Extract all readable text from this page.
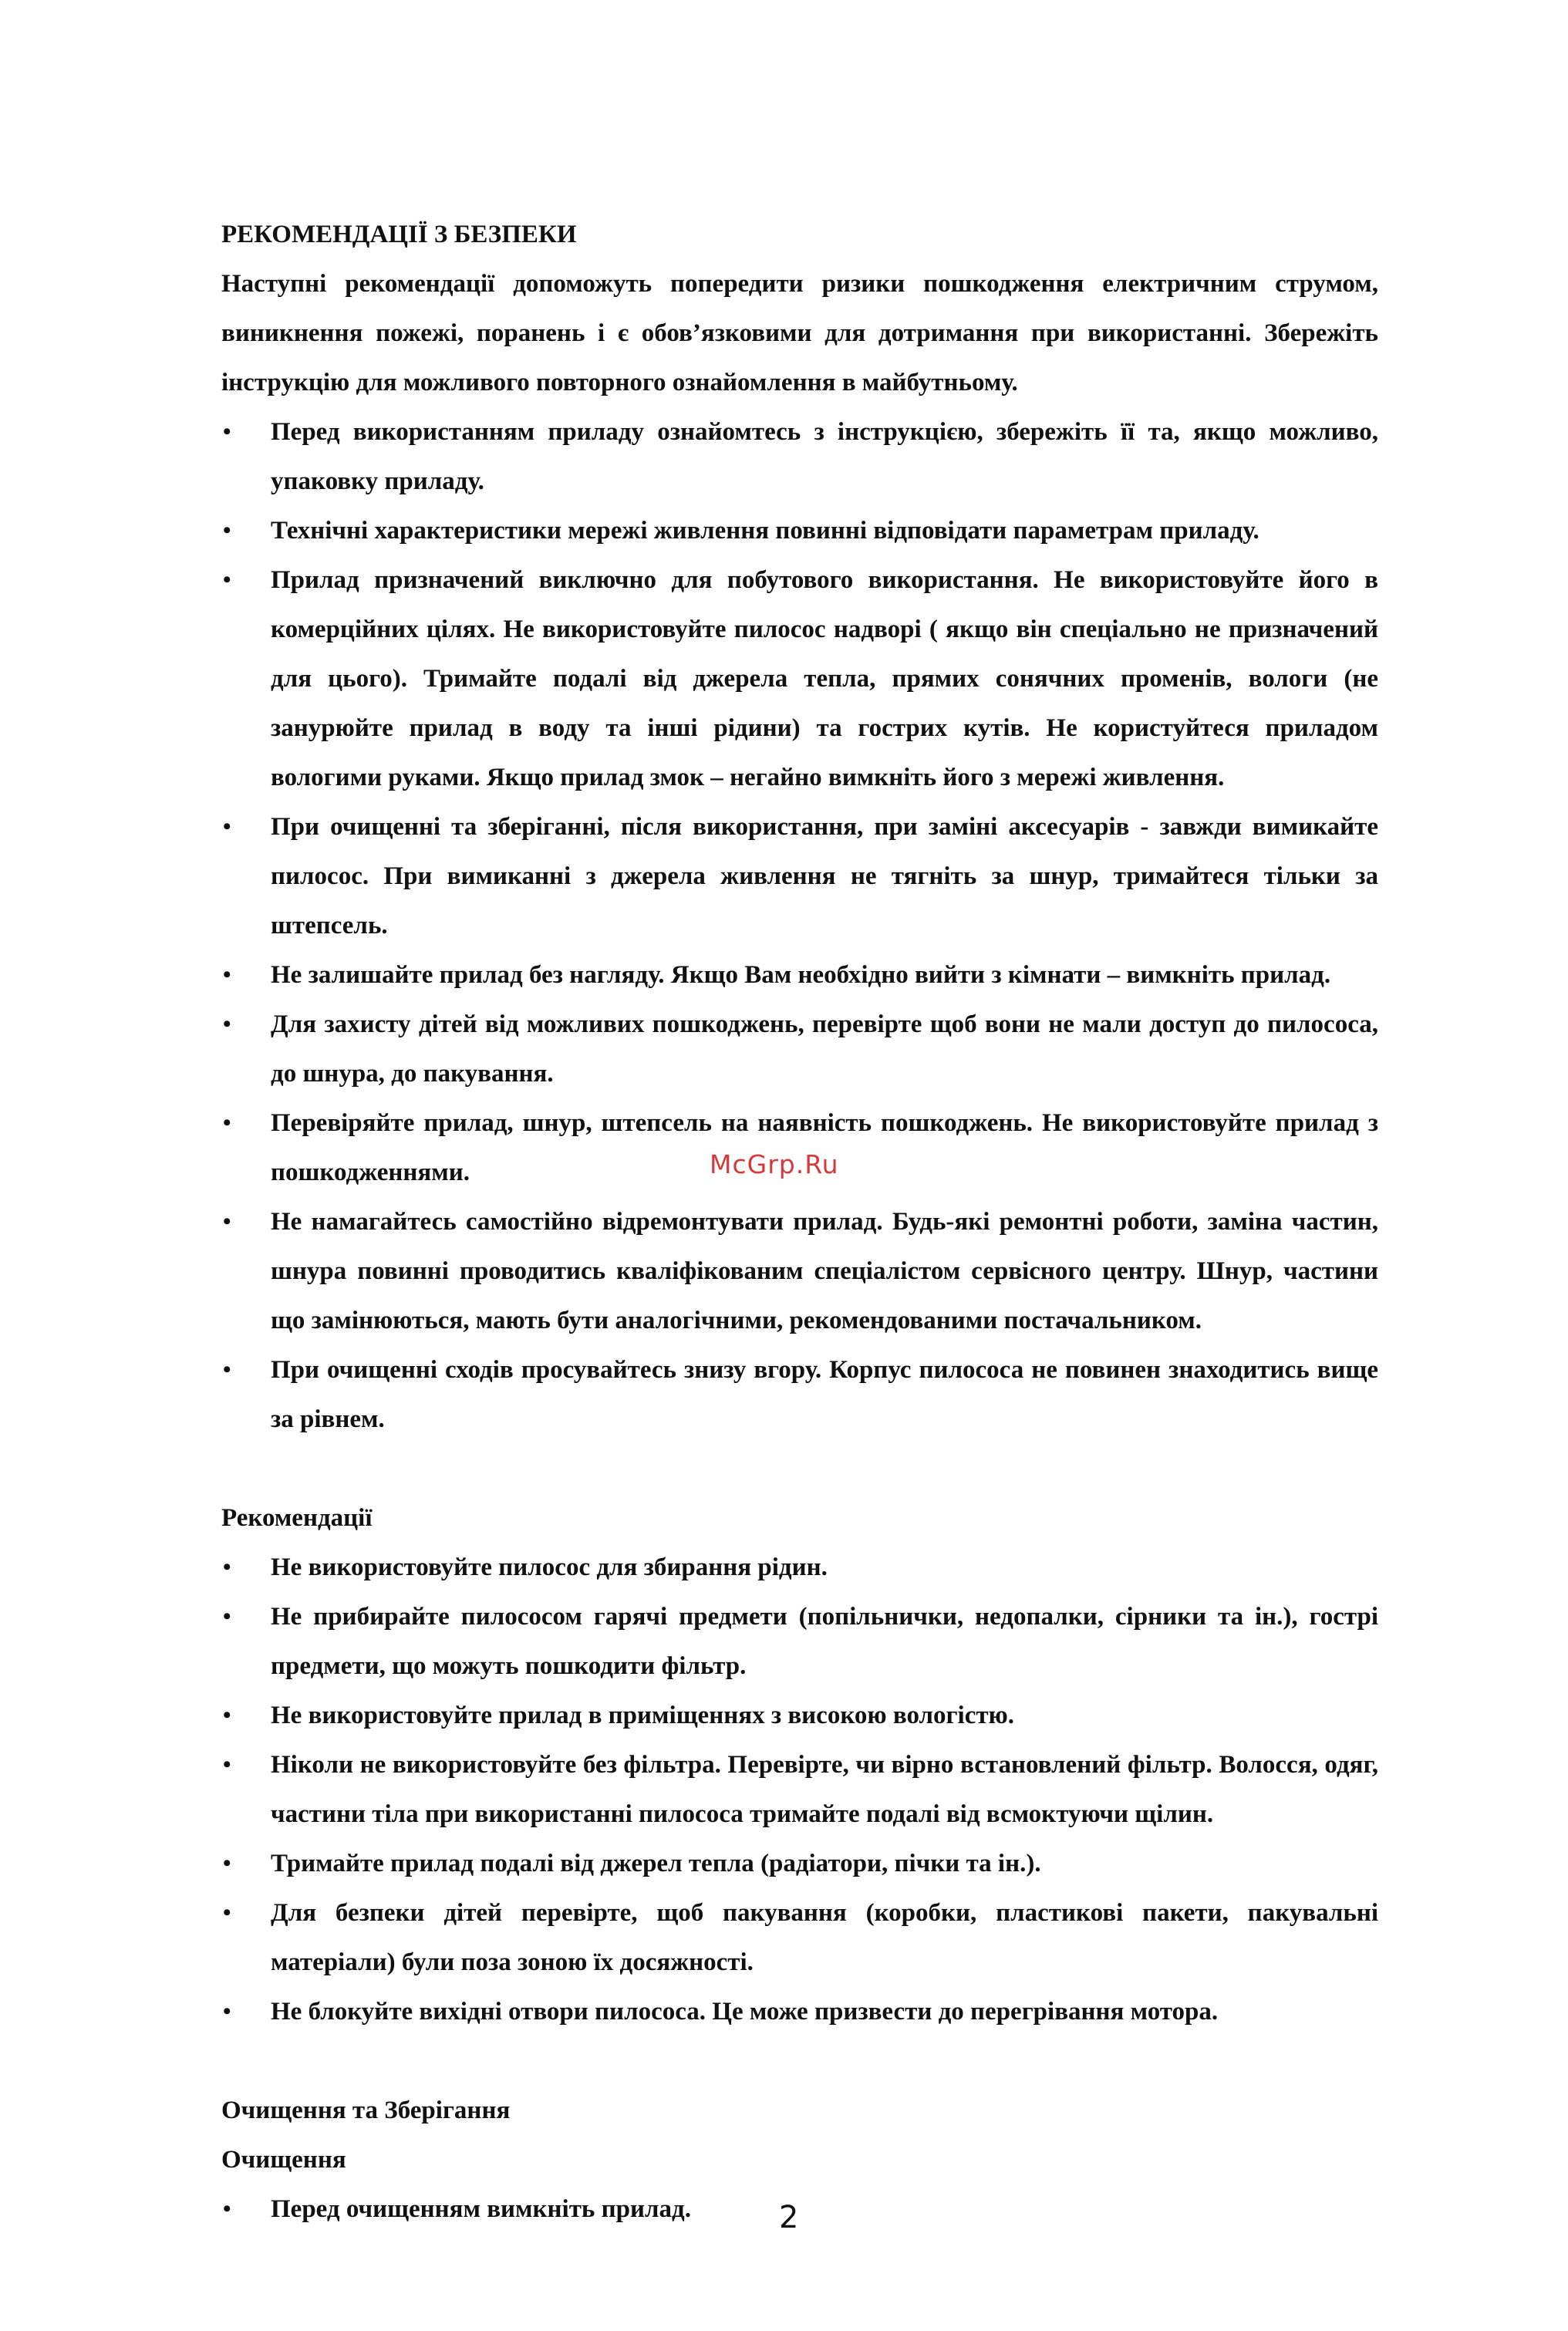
РЕКОМЕНДАЦІЇ З БЕЗПЕКИ

Наступні рекомендації допоможуть попередити ризики пошкодження електричним струмом, виникнення пожежі, поранень і є обов’язковими для дотримання при використанні. Збережіть інструкцію для можливого повторного ознайомлення в майбутньому.

•	Перед використанням приладу ознайомтесь з інструкцією, збережіть її та, якщо можливо, упаковку приладу.
•	Технічні характеристики мережі живлення повинні відповідати параметрам приладу.
•	Прилад призначений виключно для побутового використання. Не використовуйте його в комерційних цілях. Не використовуйте пилосос надворі ( якщо він спеціально не призначений для цього). Тримайте подалі від джерела тепла, прямих сонячних променів, вологи (не занурюйте прилад в воду та інші рідини) та гострих кутів. Не користуйтеся приладом вологими руками. Якщо прилад змок – негайно вимкніть його з мережі живлення.
•	При очищенні та зберіганні, після використання, при заміні аксесуарів - завжди вимикайте пилосос. При вимиканні з джерела живлення не тягніть за шнур, тримайтеся тільки за штепсель.
•	Не залишайте прилад без нагляду. Якщо Вам необхідно вийти з кімнати – вимкніть прилад.
•	Для захисту дітей від можливих пошкоджень, перевірте щоб вони не мали доступ до пилососа, до шнура, до пакування.
•	Перевіряйте прилад, шнур, штепсель на наявність пошкоджень. Не використовуйте прилад з пошкодженнями.
•	Не намагайтесь самостійно відремонтувати прилад. Будь-які ремонтні роботи, заміна частин, шнура повинні проводитись кваліфікованим спеціалістом сервісного центру. Шнур, частини що замінюються, мають бути аналогічними, рекомендованими постачальником.
•	При очищенні сходів просувайтесь знизу вгору. Корпус пилососа не повинен знаходитись вище за рівнем.
Рекомендації
•	Не використовуйте пилосос для збирання рідин.
•	Не прибирайте пилососом гарячі предмети (попільнички, недопалки, сірники та ін.), гострі предмети, що можуть пошкодити фільтр.
•	Не використовуйте прилад в приміщеннях з високою вологістю.
•	Ніколи не використовуйте без фільтра. Перевірте, чи вірно встановлений фільтр. Волосся, одяг, частини тіла при використанні пилососа тримайте подалі від всмоктуючи щілин.
•	Тримайте прилад подалі від джерел тепла (радіатори, пічки та ін.).
•	Для безпеки дітей перевірте, щоб пакування (коробки, пластикові пакети, пакувальні матеріали) були поза зоною їх досяжності.
•	Не блокуйте вихідні отвори пилососа. Це може призвести до перегрівання мотора.
Очищення та Зберігання
Очищення
•	Перед очищенням вимкніть прилад.
McGrp.Ru
2
